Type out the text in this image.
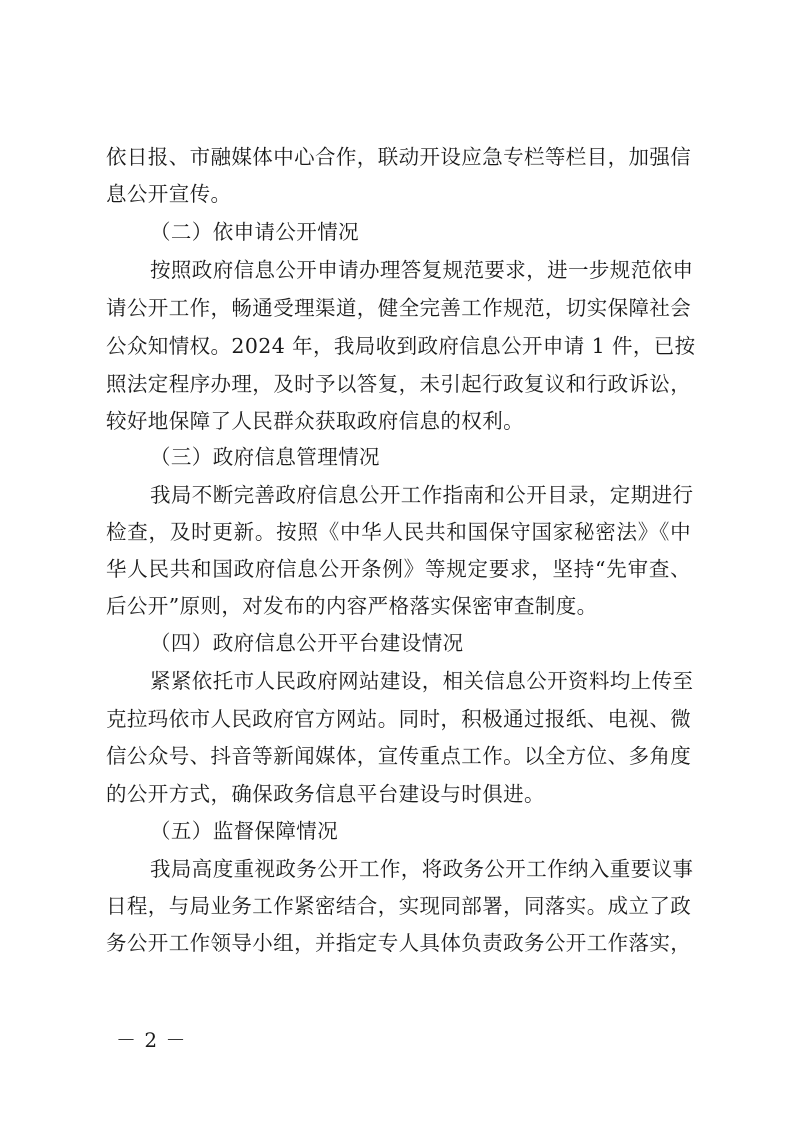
依日报、市融媒体中心合作，联动开设应急专栏等栏目，加强信
息公开宣传。
（二）依申请公开情况
按照政府信息公开申请办理答复规范要求，进一步规范依申
请公开工作，畅通受理渠道，健全完善工作规范，切实保障社会
公众知情权。2024 年，我局收到政府信息公开申请 1 件，已按
照法定程序办理，及时予以答复，未引起行政复议和行政诉讼，
较好地保障了人民群众获取政府信息的权利。
（三）政府信息管理情况
我局不断完善政府信息公开工作指南和公开目录，定期进行
检查，及时更新。按照《中华人民共和国保守国家秘密法》《中
华人民共和国政府信息公开条例》等规定要求，坚持“先审查、
后公开”原则，对发布的内容严格落实保密审查制度。
（四）政府信息公开平台建设情况
紧紧依托市人民政府网站建设，相关信息公开资料均上传至
克拉玛依市人民政府官方网站。同时，积极通过报纸、电视、微
信公众号、抖音等新闻媒体，宣传重点工作。以全方位、多角度
的公开方式，确保政务信息平台建设与时俱进。
（五）监督保障情况
我局高度重视政务公开工作，将政务公开工作纳入重要议事
日程，与局业务工作紧密结合，实现同部署，同落实。成立了政
务公开工作领导小组，并指定专人具体负责政务公开工作落实，
－ 2 －
